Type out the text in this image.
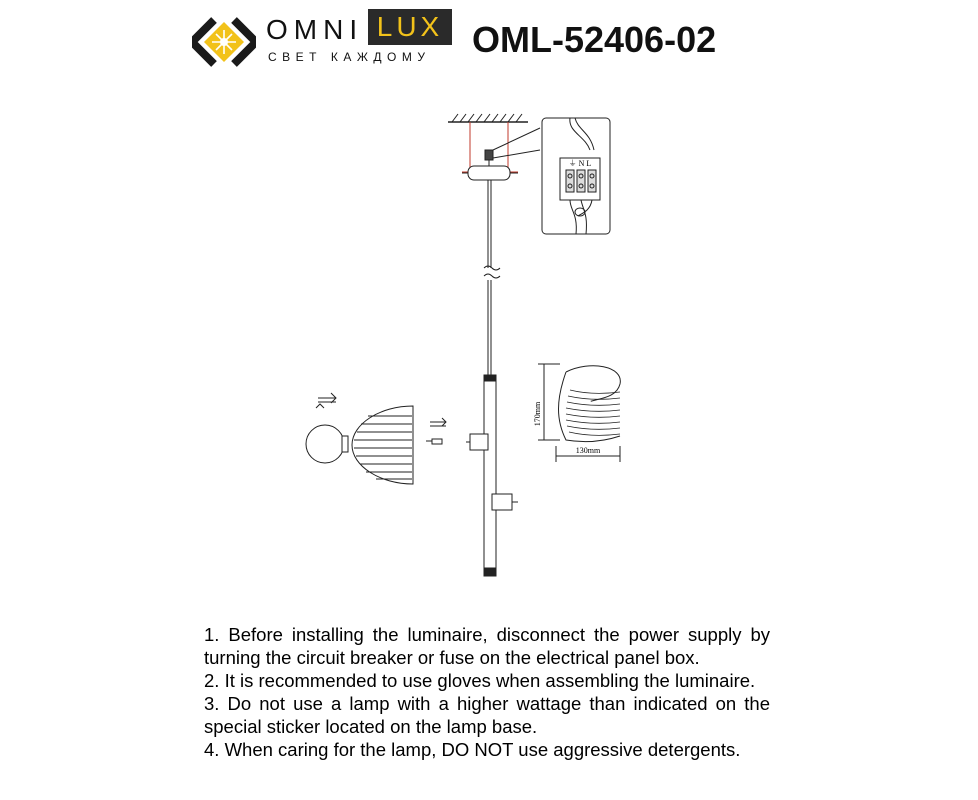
OMNI LUX
СВЕТ КАЖДОМУ OML-52406-02
170mm
130mm
⏚ N L

1. Before installing the luminaire, disconnect the power supply by turning the circuit breaker or fuse on the electrical panel box.

2. It is recommended to use gloves when assembling the luminaire.

3. Do not use a lamp with a higher wattage than indicated on the special sticker located on the lamp base.

4. When caring for the lamp, DO NOT use aggressive detergents.
